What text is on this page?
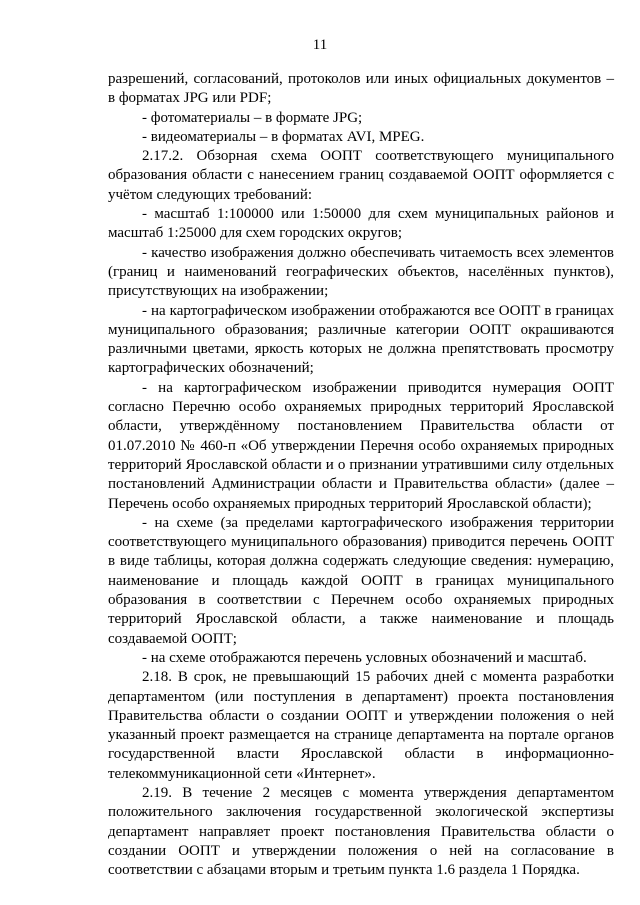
11

разрешений, согласований, протоколов или иных официальных документов – в форматах JPG или PDF;

- фотоматериалы – в формате JPG;

- видеоматериалы – в форматах AVI, MPEG.

2.17.2. Обзорная схема ООПТ соответствующего муниципального образования области с нанесением границ создаваемой ООПТ оформляется с учётом следующих требований:

- масштаб 1:100000 или 1:50000 для схем муниципальных районов и масштаб 1:25000 для схем городских округов;

- качество изображения должно обеспечивать читаемость всех элементов (границ и наименований географических объектов, населённых пунктов), присутствующих на изображении;

- на картографическом изображении отображаются все ООПТ в границах муниципального образования; различные категории ООПТ окрашиваются различными цветами, яркость которых не должна препятствовать просмотру картографических обозначений;

- на картографическом изображении приводится нумерация ООПТ согласно Перечню особо охраняемых природных территорий Ярославской области, утверждённому постановлением Правительства области от 01.07.2010 № 460-п «Об утверждении Перечня особо охраняемых природных территорий Ярославской области и о признании утратившими силу отдельных постановлений Администрации области и Правительства области» (далее – Перечень особо охраняемых природных территорий Ярославской области);

- на схеме (за пределами картографического изображения территории соответствующего муниципального образования) приводится перечень ООПТ в виде таблицы, которая должна содержать следующие сведения: нумерацию, наименование и площадь каждой ООПТ в границах муниципального образования в соответствии с Перечнем особо охраняемых природных территорий Ярославской области, а также наименование и площадь создаваемой ООПТ;

- на схеме отображаются перечень условных обозначений и масштаб.

2.18. В срок, не превышающий 15 рабочих дней с момента разработки департаментом (или поступления в департамент) проекта постановления Правительства области о создании ООПТ и утверждении положения о ней указанный проект размещается на странице департамента на портале органов государственной власти Ярославской области в информационно-телекоммуникационной сети «Интернет».

2.19. В течение 2 месяцев с момента утверждения департаментом положительного заключения государственной экологической экспертизы департамент направляет проект постановления Правительства области о создании ООПТ и утверждении положения о ней на согласование в соответствии с абзацами вторым и третьим пункта 1.6 раздела 1 Порядка.
